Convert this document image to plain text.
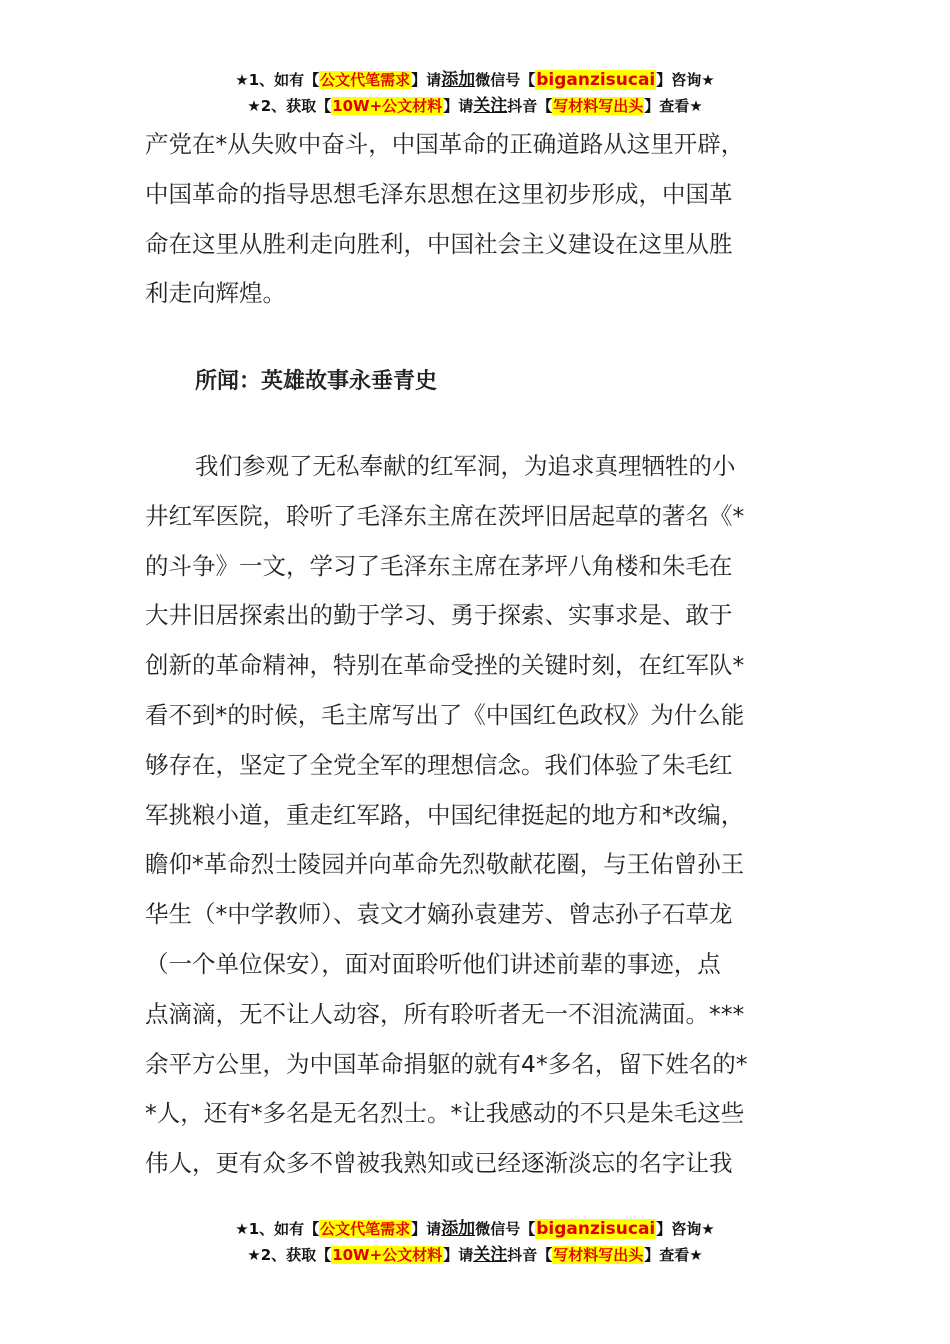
★1、如有【公文代笔需求】请添加微信号【biganzisucai】咨询★
★2、获取【10W+公文材料】请关注抖音【写材料写出头】查看★
产党在*从失败中奋斗，中国革命的正确道路从这里开辟，
中国革命的指导思想毛泽东思想在这里初步形成，中国革
命在这里从胜利走向胜利，中国社会主义建设在这里从胜
利走向辉煌。
所闻：英雄故事永垂青史
我们参观了无私奉献的红军洞，为追求真理牺牲的小
井红军医院，聆听了毛泽东主席在茨坪旧居起草的著名《*
的斗争》一文，学习了毛泽东主席在茅坪八角楼和朱毛在
大井旧居探索出的勤于学习、勇于探索、实事求是、敢于
创新的革命精神，特别在革命受挫的关键时刻，在红军队*
看不到*的时候，毛主席写出了《中国红色政权》为什么能
够存在，坚定了全党全军的理想信念。我们体验了朱毛红
军挑粮小道，重走红军路，中国纪律挺起的地方和*改编，
瞻仰*革命烈士陵园并向革命先烈敬献花圈，与王佑曾孙王
华生（*中学教师）、袁文才嫡孙袁建芳、曾志孙子石草龙
（一个单位保安），面对面聆听他们讲述前辈的事迹，点
点滴滴，无不让人动容，所有聆听者无一不泪流满面。***
余平方公里，为中国革命捐躯的就有4*多名，留下姓名的*
*人，还有*多名是无名烈士。*让我感动的不只是朱毛这些
伟人，更有众多不曾被我熟知或已经逐渐淡忘的名字让我
★1、如有【公文代笔需求】请添加微信号【biganzisucai】咨询★
★2、获取【10W+公文材料】请关注抖音【写材料写出头】查看★
